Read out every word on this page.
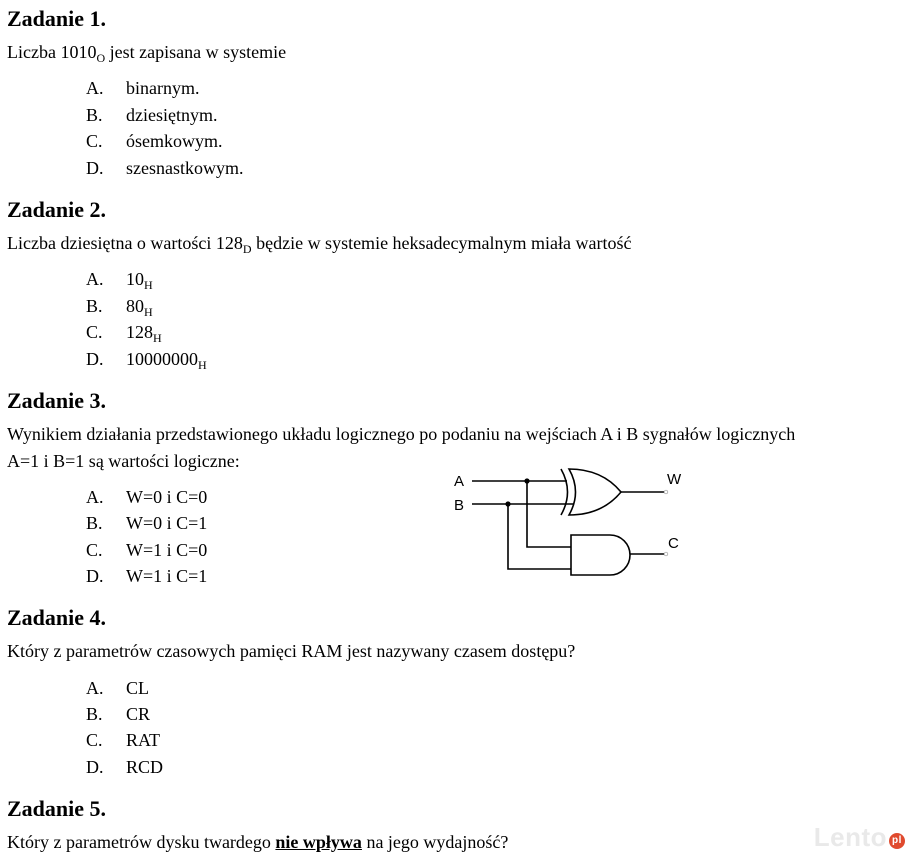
Zadanie 1.
Liczba $1010_O$ jest zapisana w systemie
A. binarnym.
B. dziesiętnym.
C. ósemkowym.
D. szesnastkowym.
Zadanie 2.
Liczba dziesiętna o wartości $128_D$ będzie w systemie heksadecymalnym miała wartość
A. $10_H$
B. $80_H$
C. $128_H$
D. $10000000_H$
Zadanie 3.
Wynikiem działania przedstawionego układu logicznego po podaniu na wejściach A i B sygnałów logicznych
A=1 i B=1 są wartości logiczne:
A. W=0 i C=0
B. W=0 i C=1
C. W=1 i C=0
D. W=1 i C=1
A
B
W
C
Zadanie 4.
Który z parametrów czasowych pamięci RAM jest nazywany czasem dostępu?
A. CL
B. CR
C. RAT
D. RCD
Zadanie 5.
Który z parametrów dysku twardego nie wpływa na jego wydajność?	Lento pl
